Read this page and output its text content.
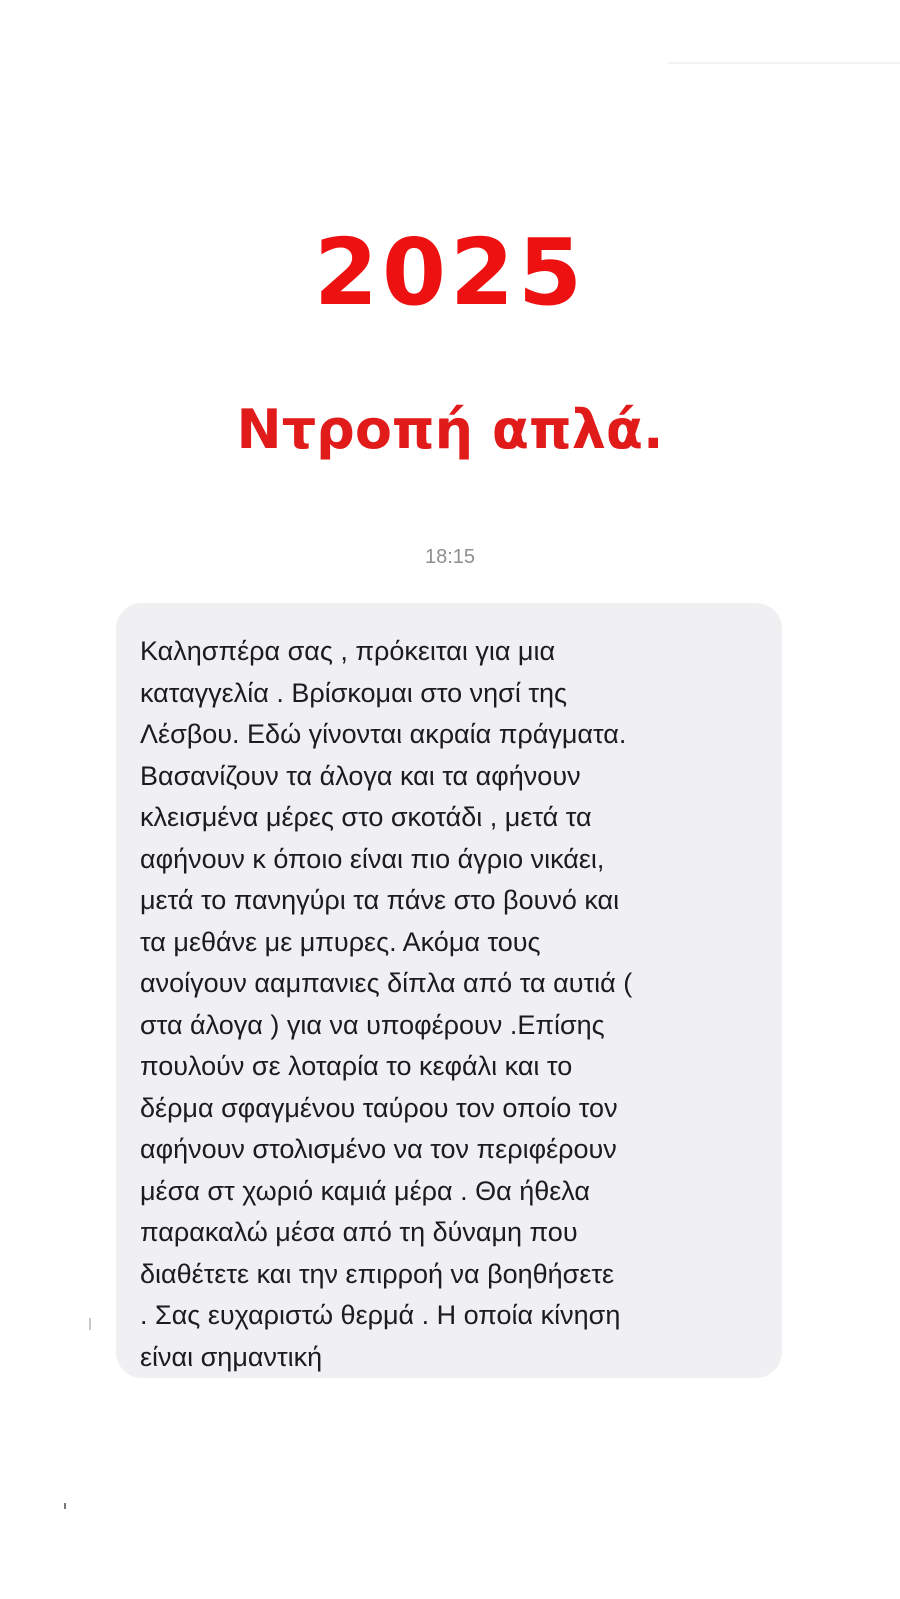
2025
Ντροπή απλά.
18:15

Καλησπέρα σας , πρόκειται για μια
καταγγελία . Βρίσκομαι στο νησί της
Λέσβου. Εδώ γίνονται ακραία πράγματα.
Βασανίζουν τα άλογα και τα αφήνουν
κλεισμένα μέρες στο σκοτάδι , μετά τα
αφήνουν κ όποιο είναι πιο άγριο νικάει,
μετά το πανηγύρι τα πάνε στο βουνό και
τα μεθάνε με μπυρες. Ακόμα τους
ανοίγουν ααμπανιες δίπλα από τα αυτιά (
στα άλογα ) για να υποφέρουν .Επίσης
πουλούν σε λοταρία το κεφάλι και το
δέρμα σφαγμένου ταύρου τον οποίο τον
αφήνουν στολισμένο να τον περιφέρουν
μέσα στ χωριό καμιά μέρα . Θα ήθελα
παρακαλώ μέσα από τη δύναμη που
διαθέτετε και την επιρροή να βοηθήσετε
. Σας ευχαριστώ θερμά . Η οποία κίνηση
είναι σημαντική
